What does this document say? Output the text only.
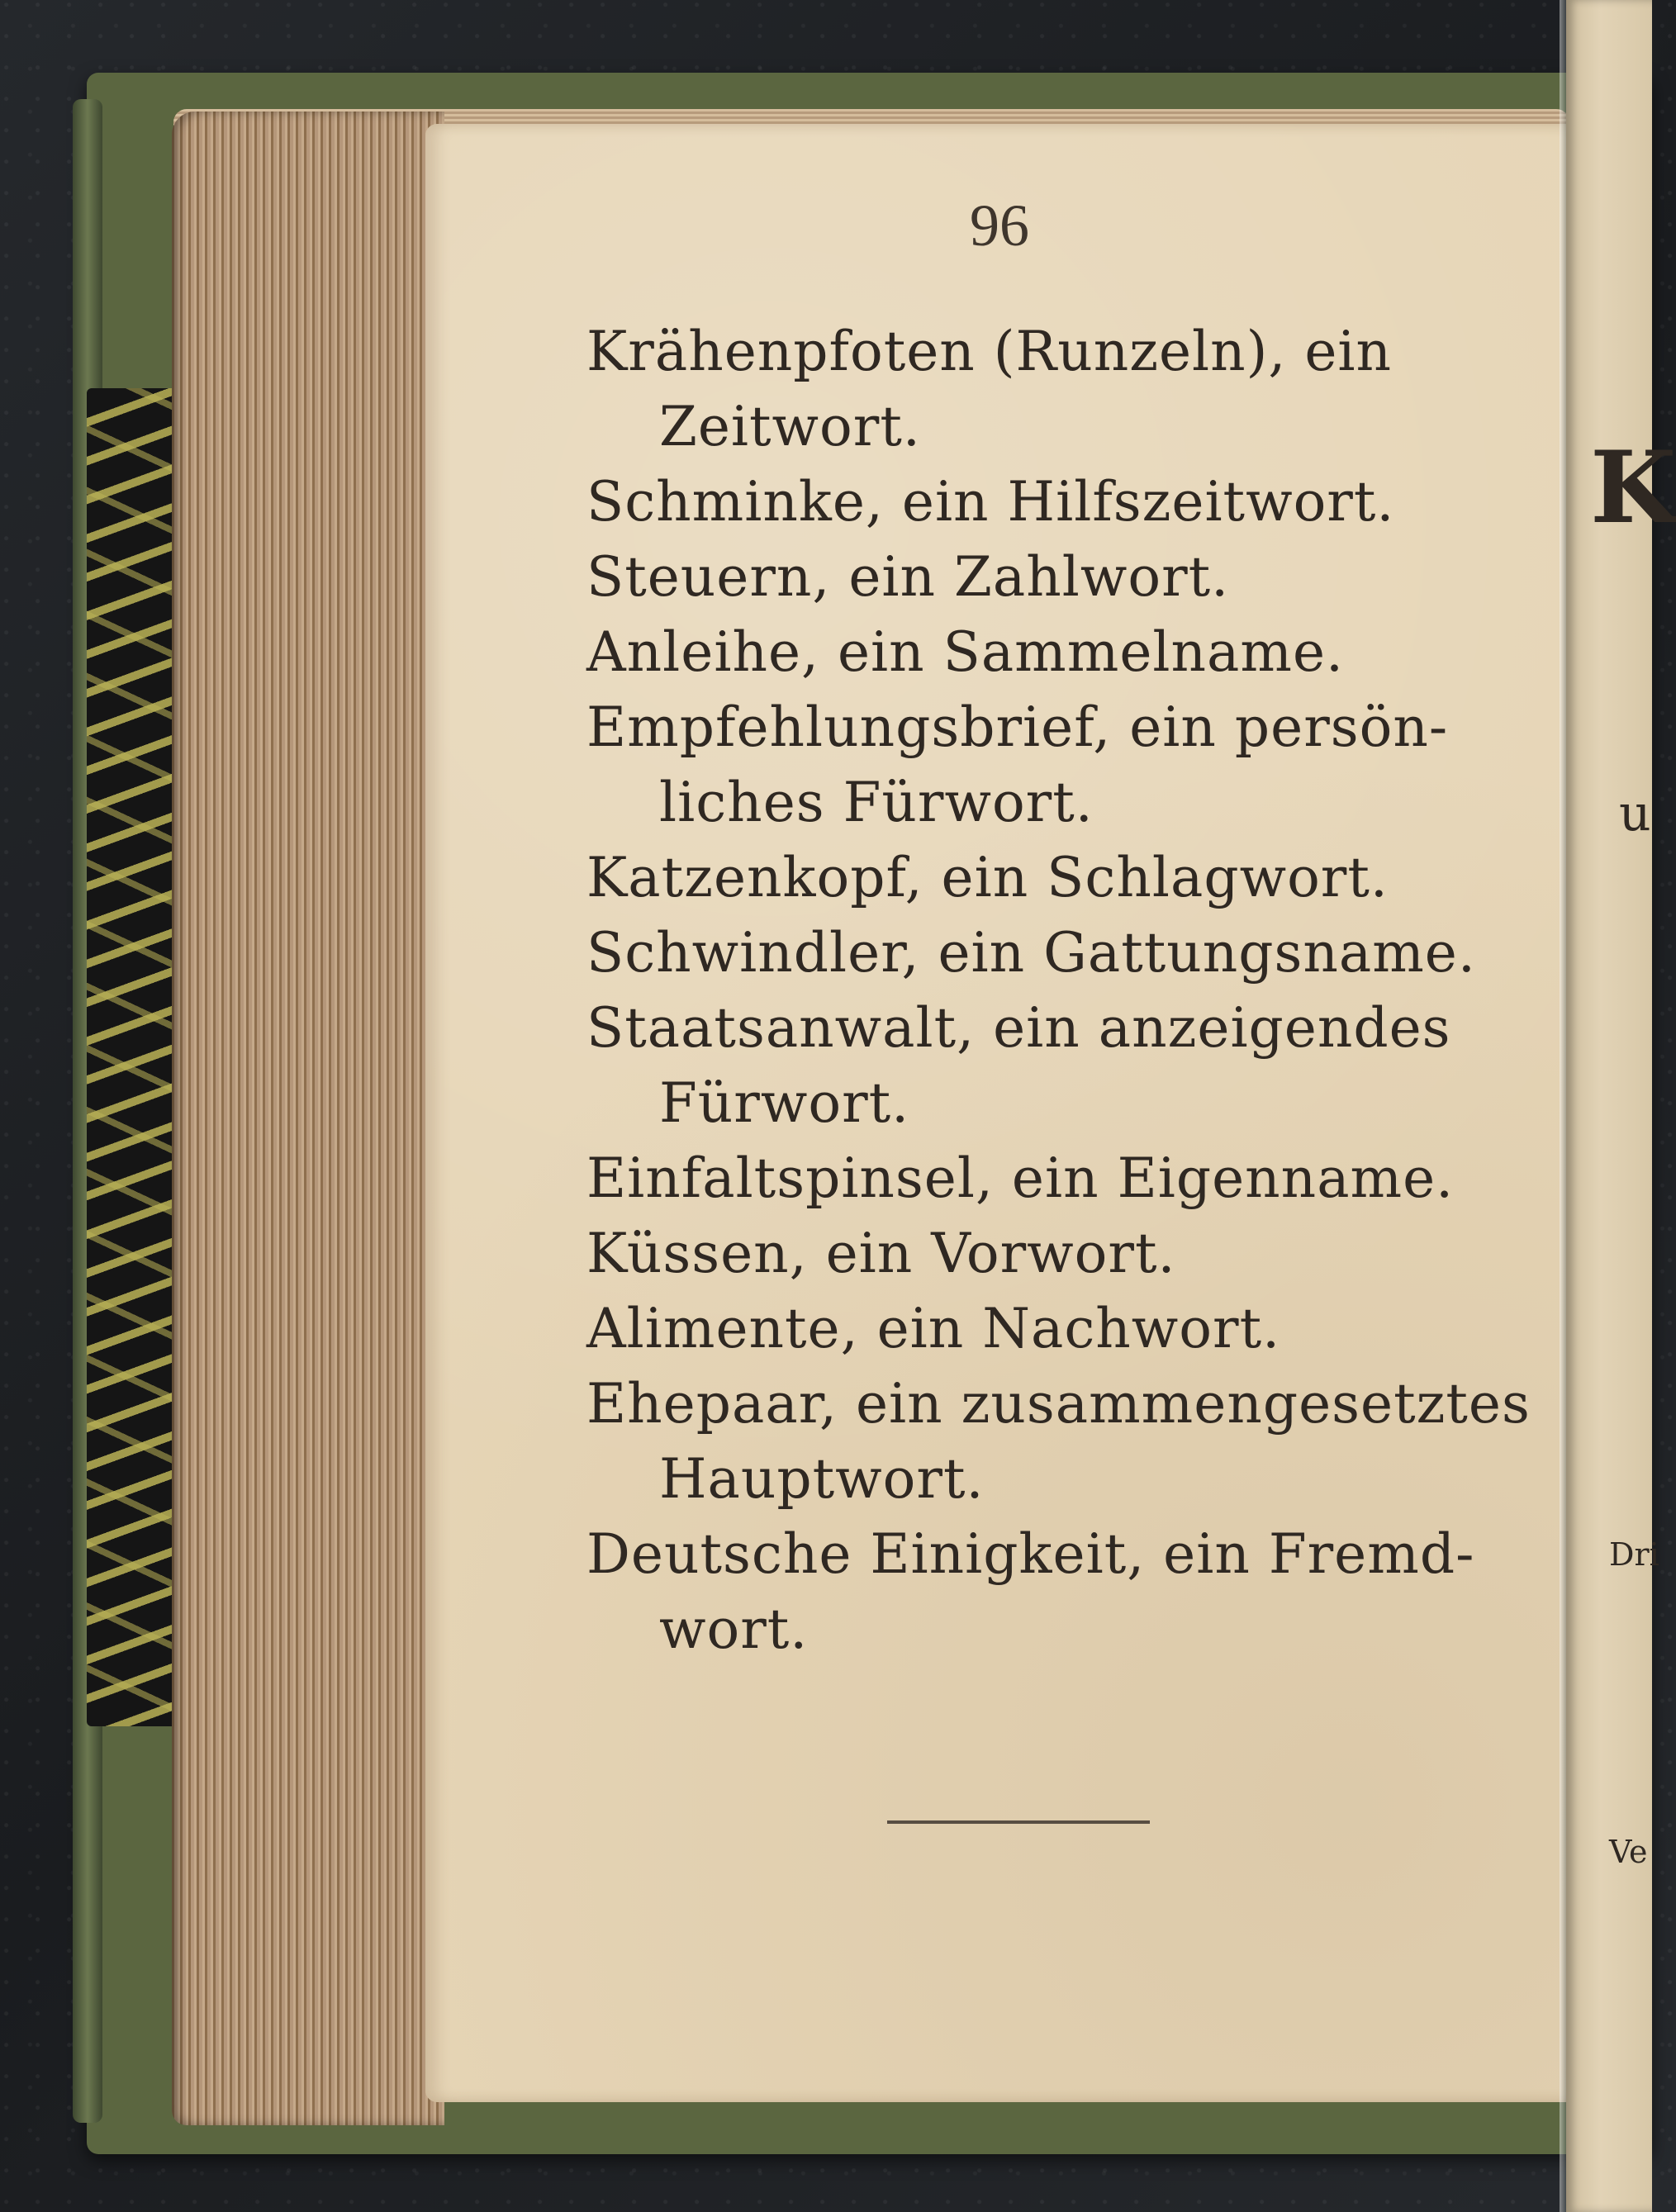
96
Krähenpfoten (Runzeln), ein
Zeitwort.
Schminke, ein Hilfszeitwort.
Steuern, ein Zahlwort.
Anleihe, ein Sammelname.
Empfehlungsbrief, ein persön-
liches Fürwort.
Katzenkopf, ein Schlagwort.
Schwindler, ein Gattungsname.
Staatsanwalt, ein anzeigendes
Fürwort.
Einfaltspinsel, ein Eigenname.
Küssen, ein Vorwort.
Alimente, ein Nachwort.
Ehepaar, ein zusammengesetztes
Hauptwort.
Deutsche Einigkeit, ein Fremd-
wort.
K
u
Dri
Ve
